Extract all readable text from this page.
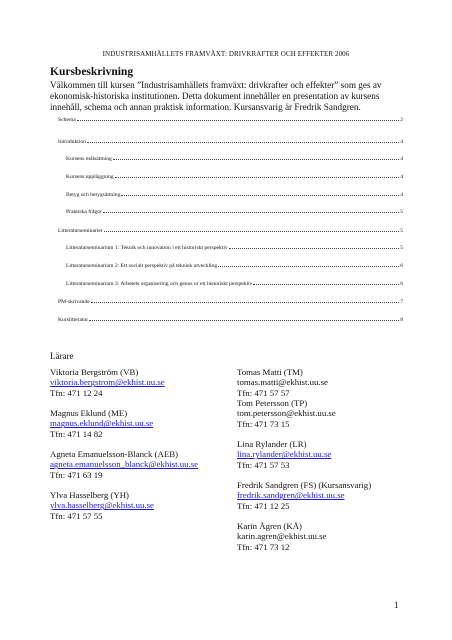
INDUSTRISAMHÄLLETS FRAMVÄXT: DRIVKRAFTER OCH EFFEKTER 2006
Kursbeskrivning
Välkommen till kursen ”Industrisamhällets framväxt: drivkrafter och effekter” som ges av ekonomisk-historiska institutionen. Detta dokument innehåller en presentation av kursens innehåll, schema och annan praktisk information. Kursansvarig är Fredrik Sandgren.
Schema	2
Introduktion	4
Kursens målsättning	4
Kursens uppläggning	4
Betyg och betygsättning	4
Praktiska frågor	5
Litteraturseminarier	5
Litteraturseminarium 1: Teknik och innovation i ett historiskt perspektiv	5
Litteraturseminarium 2: Ett socialt perspektiv på teknisk utveckling	6
Litteraturseminarium 3: Arbetets organisering och genus ur ett historiskt perspektiv	6
PM-skrivande	7
Kurslitteratur	8
Lärare
Viktoria Bergström (VB)
viktoria.bergstrom@ekhist.uu.se
Tfn: 471 12 24
Magnus Eklund (ME)
magnus.eklund@ekhist.uu.se
Tfn: 471 14 82
Agneta Emanuelsson-Blanck (AEB)
agneta.emanuelsson_blanck@ekhist.uu.se
Tfn: 471 63 19
Ylva Hasselberg (YH)
ylva.hasselberg@ekhist.uu.se
Tfn: 471 57 55
Tomas Matti (TM)
tomas.matti@ekhist.uu.se
Tfn: 471 57 57
Tom Petersson (TP)
tom.petersson@ekhist.uu.se
Tfn: 471 73 15
Lina Rylander (LR)
lina.rylander@ekhist.uu.se
Tfn: 471 57 53
Fredrik Sandgren (FS) (Kursansvarig)
fredrik.sandgren@ekhist.uu.se
Tfn: 471 12 25
Karin Ågren (KÅ)
karin.agren@ekhist.uu.se
Tfn: 471 73 12
1
